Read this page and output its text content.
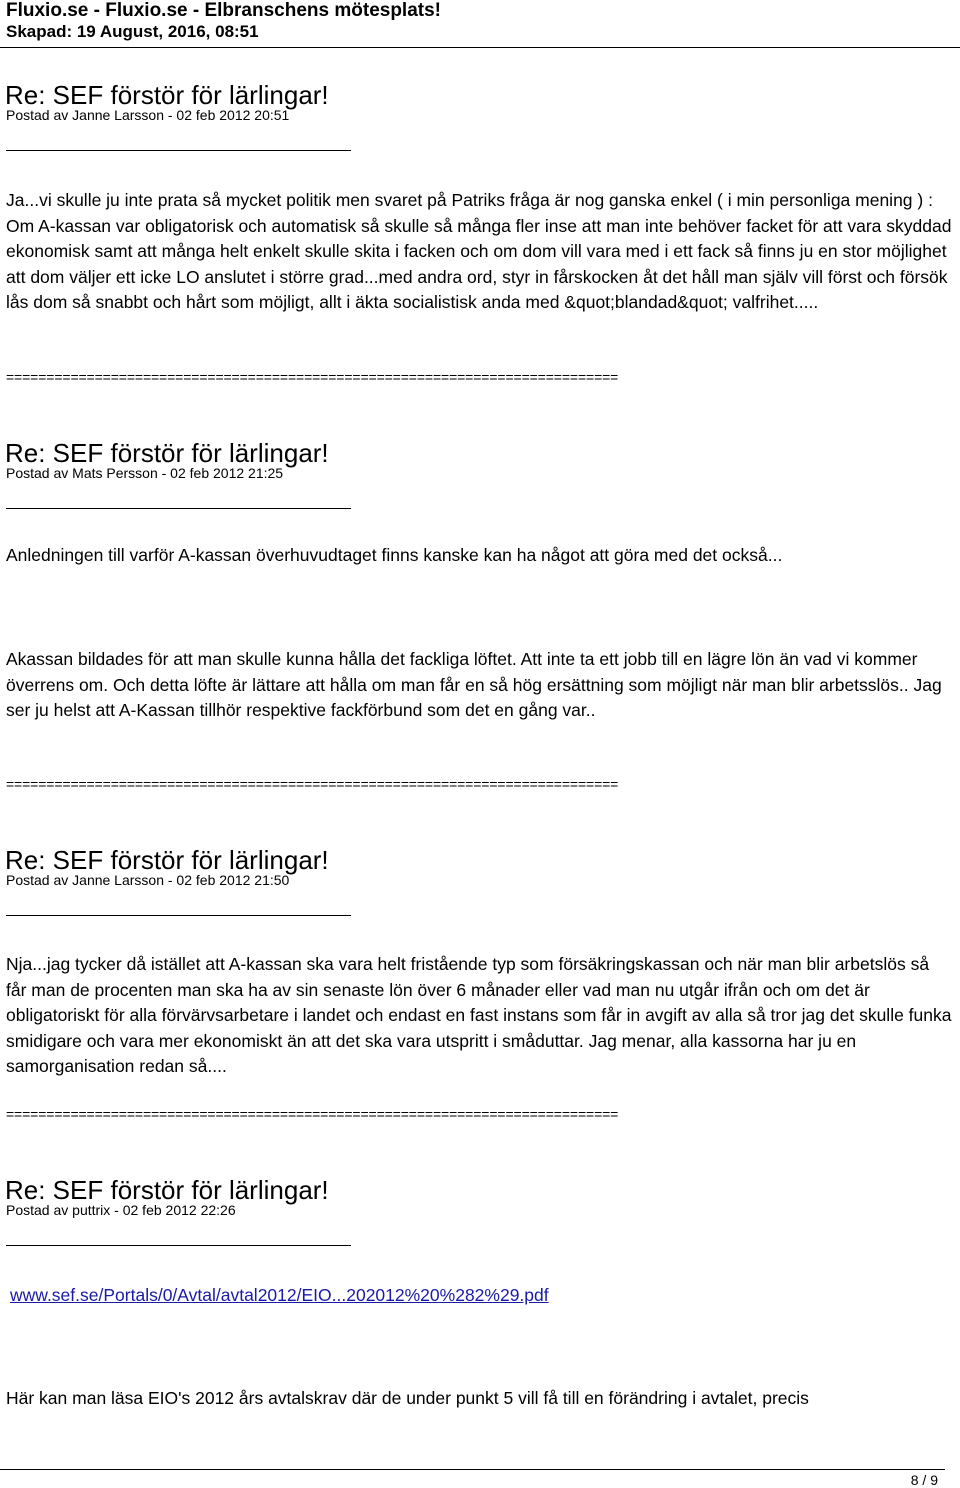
Fluxio.se - Fluxio.se - Elbranschens mötesplats!
Skapad: 19 August, 2016, 08:51
Re: SEF förstör för lärlingar!
Postad av Janne Larsson - 02 feb 2012 20:51

Ja...vi skulle ju inte prata så mycket politik men svaret på Patriks fråga är nog ganska enkel ( i min personliga mening ) : Om A-kassan var obligatorisk och automatisk så skulle så många fler inse att man inte behöver facket för att vara skyddad ekonomisk samt att många helt enkelt skulle skita i facken och om dom vill vara med i ett fack så finns ju en stor möjlighet att dom väljer ett icke LO anslutet i större grad...med andra ord, styr in fårskocken åt det håll man själv vill först och försök lås dom så snabbt och hårt som möjligt, allt i äkta socialistisk anda med &quot;blandad&quot; valfrihet.....

============================================================================
Re: SEF förstör för lärlingar!
Postad av Mats Persson - 02 feb 2012 21:25

Anledningen till varför A-kassan överhuvudtaget finns kanske kan ha något att göra med det också...

Akassan bildades för att man skulle kunna hålla det fackliga löftet. Att inte ta ett jobb till en lägre lön än vad vi kommer överrens om. Och detta löfte är lättare att hålla om man får en så hög ersättning som möjligt när man blir arbetsslös.. Jag ser ju helst att A-Kassan tillhör respektive fackförbund som det en gång var..

============================================================================
Re: SEF förstör för lärlingar!
Postad av Janne Larsson - 02 feb 2012 21:50

Nja...jag tycker då istället att A-kassan ska vara helt fristående typ som försäkringskassan och när man blir arbetslös så får man de procenten man ska ha av sin senaste lön över 6 månader eller vad man nu utgår ifrån och om det är obligatoriskt för alla förvärvsarbetare i landet och endast en fast instans som får in avgift av alla så tror jag det skulle funka smidigare och vara mer ekonomiskt än att det ska vara utspritt i småduttar. Jag menar, alla kassorna har ju en samorganisation redan så....

============================================================================
Re: SEF förstör för lärlingar!
Postad av puttrix - 02 feb 2012 22:26
www.sef.se/Portals/0/Avtal/avtal2012/EIO...202012%20%282%29.pdf

Här kan man läsa EIO's 2012 års avtalskrav där de under punkt 5 vill få till en förändring i avtalet, precis

8 / 9
